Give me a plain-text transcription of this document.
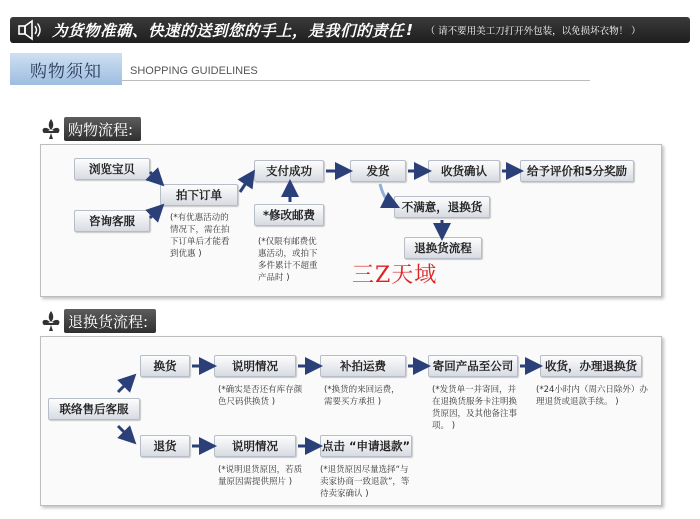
为货物准确、快速的送到您的手上，是我们的责任 ! （ 请不要用美工刀打开外包装，以免损坏衣物！ ）
购物须知	SHOPPING GUIDELINES
购物流程:
浏览宝贝
咨询客服
拍下订单
(*有优惠活动的情况下，需在拍下订单后才能看到优惠 )
支付成功
*修改邮费
(*仅限有邮费优惠活动，或拍下多件累计不超重产品时 )
发货	收货确认	给予评价和5分奖励
不满意，退换货
退换货流程
退换货流程:
联络售后客服
换货	说明情况
(*确实是否还有库存颜色尺码供换货 )
补拍运费
(*换货的来回运费，需要买方承担 )
寄回产品至公司
(*发货单一并寄回，并在退换货服务卡注明换货原因，及其他备注事项。 )
收货，办理退换货
(*24小时内（周六日除外）办理退货或退款手续。 )
退货	说明情况
(*说明退货原因，若质量原因需提供照片 )
点击 “申请退款”
(*退货原因尽量选择“与卖家协商一致退款”，等待卖家确认 )
三Z天域
